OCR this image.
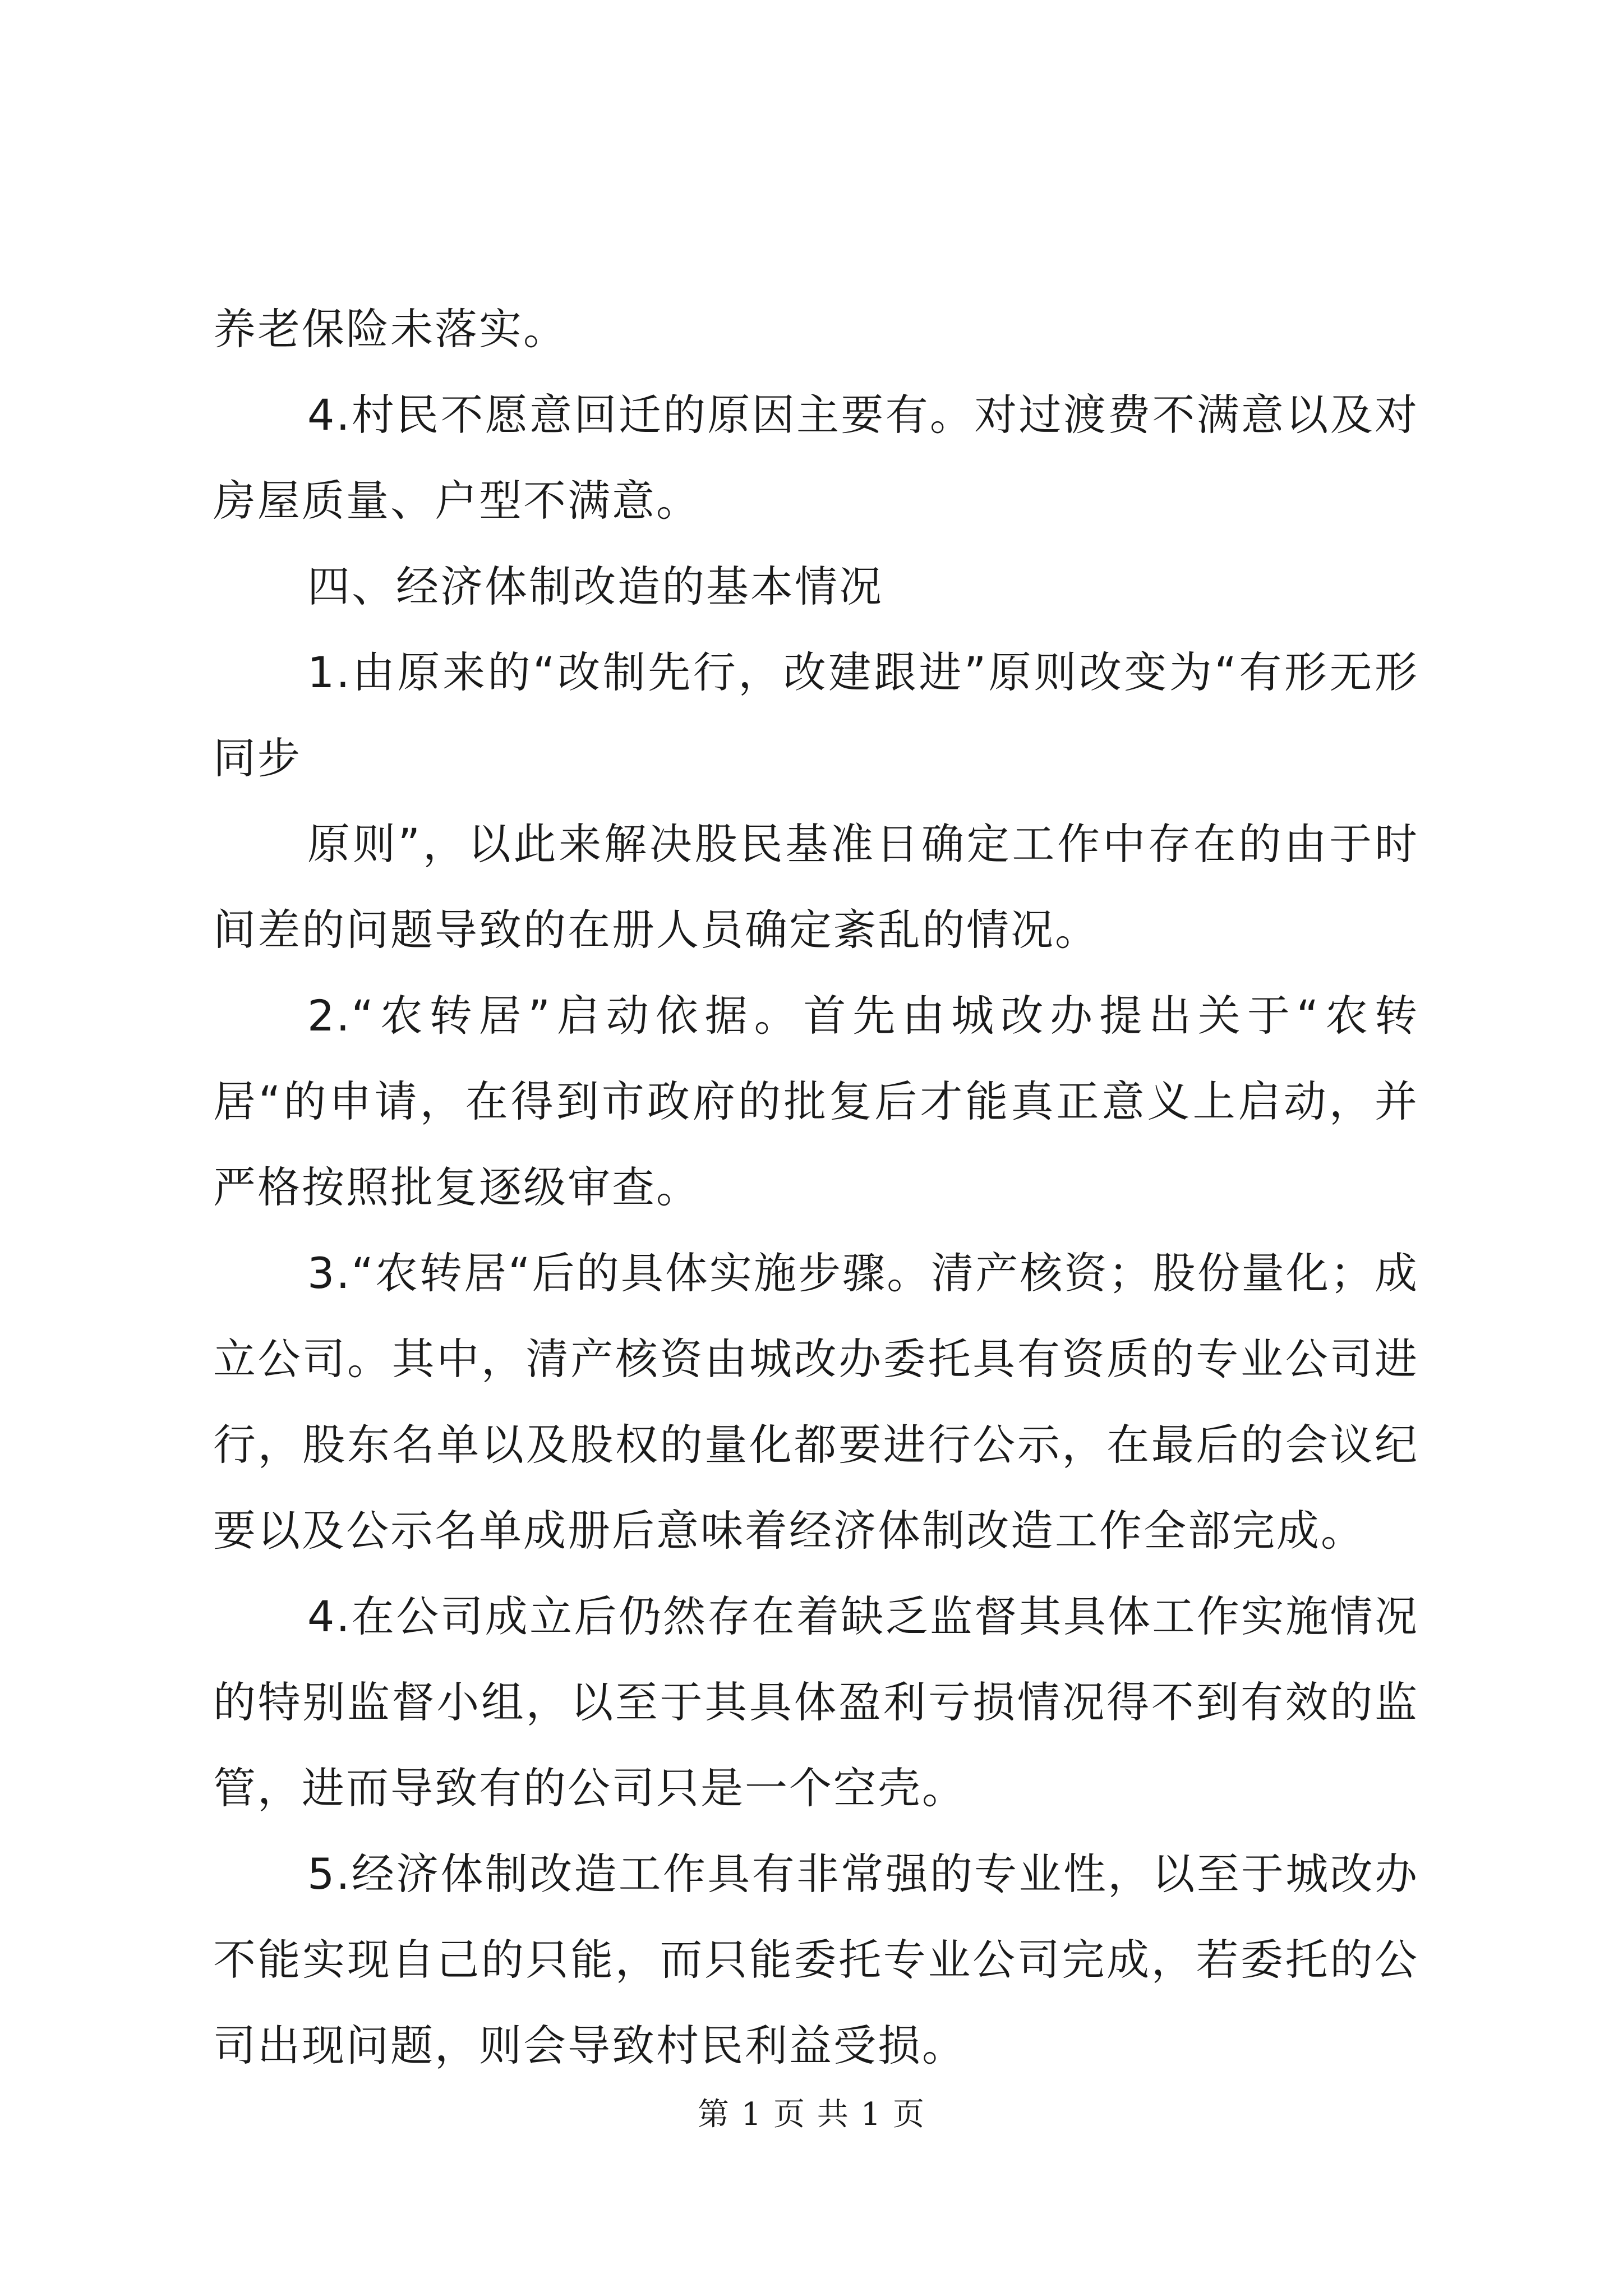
养老保险未落实。

4.村民不愿意回迁的原因主要有。对过渡费不满意以及对房屋质量、户型不满意。

四、经济体制改造的基本情况

1.由原来的“改制先行，改建跟进”原则改变为“有形无形同步

原则”，以此来解决股民基准日确定工作中存在的由于时间差的问题导致的在册人员确定紊乱的情况。

2.“农转居”启动依据。首先由城改办提出关于“农转居“的申请，在得到市政府的批复后才能真正意义上启动，并严格按照批复逐级审查。

3.“农转居“后的具体实施步骤。清产核资；股份量化；成立公司。其中，清产核资由城改办委托具有资质的专业公司进行，股东名单以及股权的量化都要进行公示，在最后的会议纪要以及公示名单成册后意味着经济体制改造工作全部完成。

4.在公司成立后仍然存在着缺乏监督其具体工作实施情况的特别监督小组，以至于其具体盈利亏损情况得不到有效的监管，进而导致有的公司只是一个空壳。

5.经济体制改造工作具有非常强的专业性，以至于城改办不能实现自己的只能，而只能委托专业公司完成，若委托的公司出现问题，则会导致村民利益受损。

第 1 页 共 1 页
